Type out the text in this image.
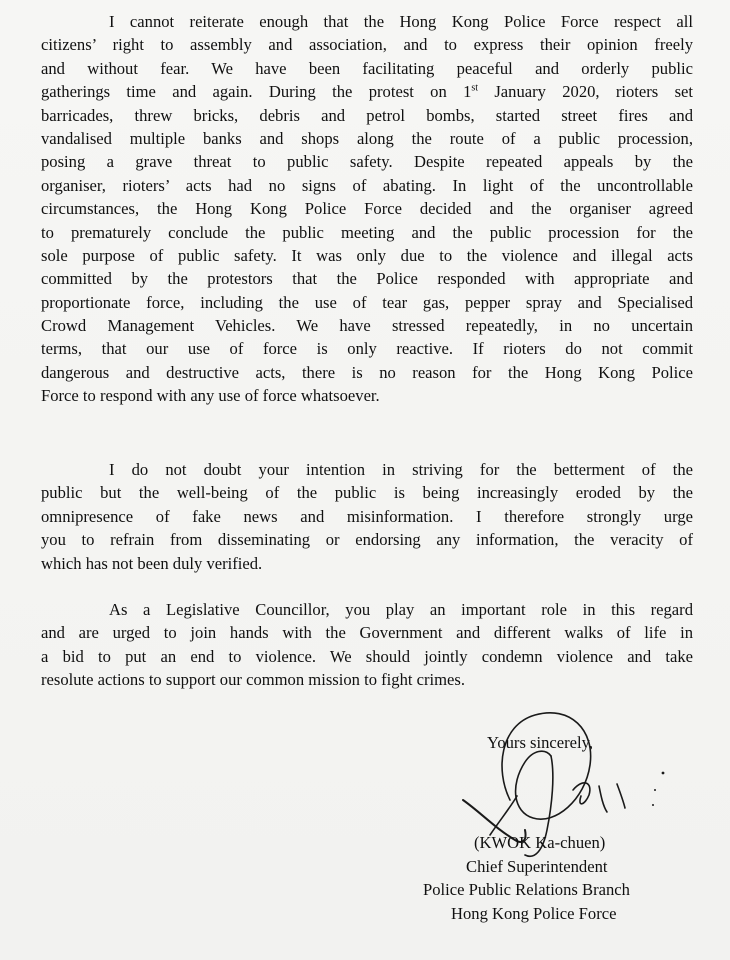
I cannot reiterate enough that the Hong Kong Police Force respect all
citizens’ right to assembly and association, and to express their opinion freely
and without fear. We have been facilitating peaceful and orderly public
gatherings time and again. During the protest on 1st January 2020, rioters set
barricades, threw bricks, debris and petrol bombs, started street fires and
vandalised multiple banks and shops along the route of a public procession,
posing a grave threat to public safety. Despite repeated appeals by the
organiser, rioters’ acts had no signs of abating. In light of the uncontrollable
circumstances, the Hong Kong Police Force decided and the organiser agreed
to prematurely conclude the public meeting and the public procession for the
sole purpose of public safety. It was only due to the violence and illegal acts
committed by the protestors that the Police responded with appropriate and
proportionate force, including the use of tear gas, pepper spray and Specialised
Crowd Management Vehicles. We have stressed repeatedly, in no uncertain
terms, that our use of force is only reactive. If rioters do not commit
dangerous and destructive acts, there is no reason for the Hong Kong Police
Force to respond with any use of force whatsoever.
I do not doubt your intention in striving for the betterment of the
public but the well-being of the public is being increasingly eroded by the
omnipresence of fake news and misinformation. I therefore strongly urge
you to refrain from disseminating or endorsing any information, the veracity of
which has not been duly verified.
As a Legislative Councillor, you play an important role in this regard
and are urged to join hands with the Government and different walks of life in
a bid to put an end to violence. We should jointly condemn violence and take
resolute actions to support our common mission to fight crimes.
Yours sincerely,
(KWOK Ka-chuen)
Chief Superintendent
Police Public Relations Branch
Hong Kong Police Force
